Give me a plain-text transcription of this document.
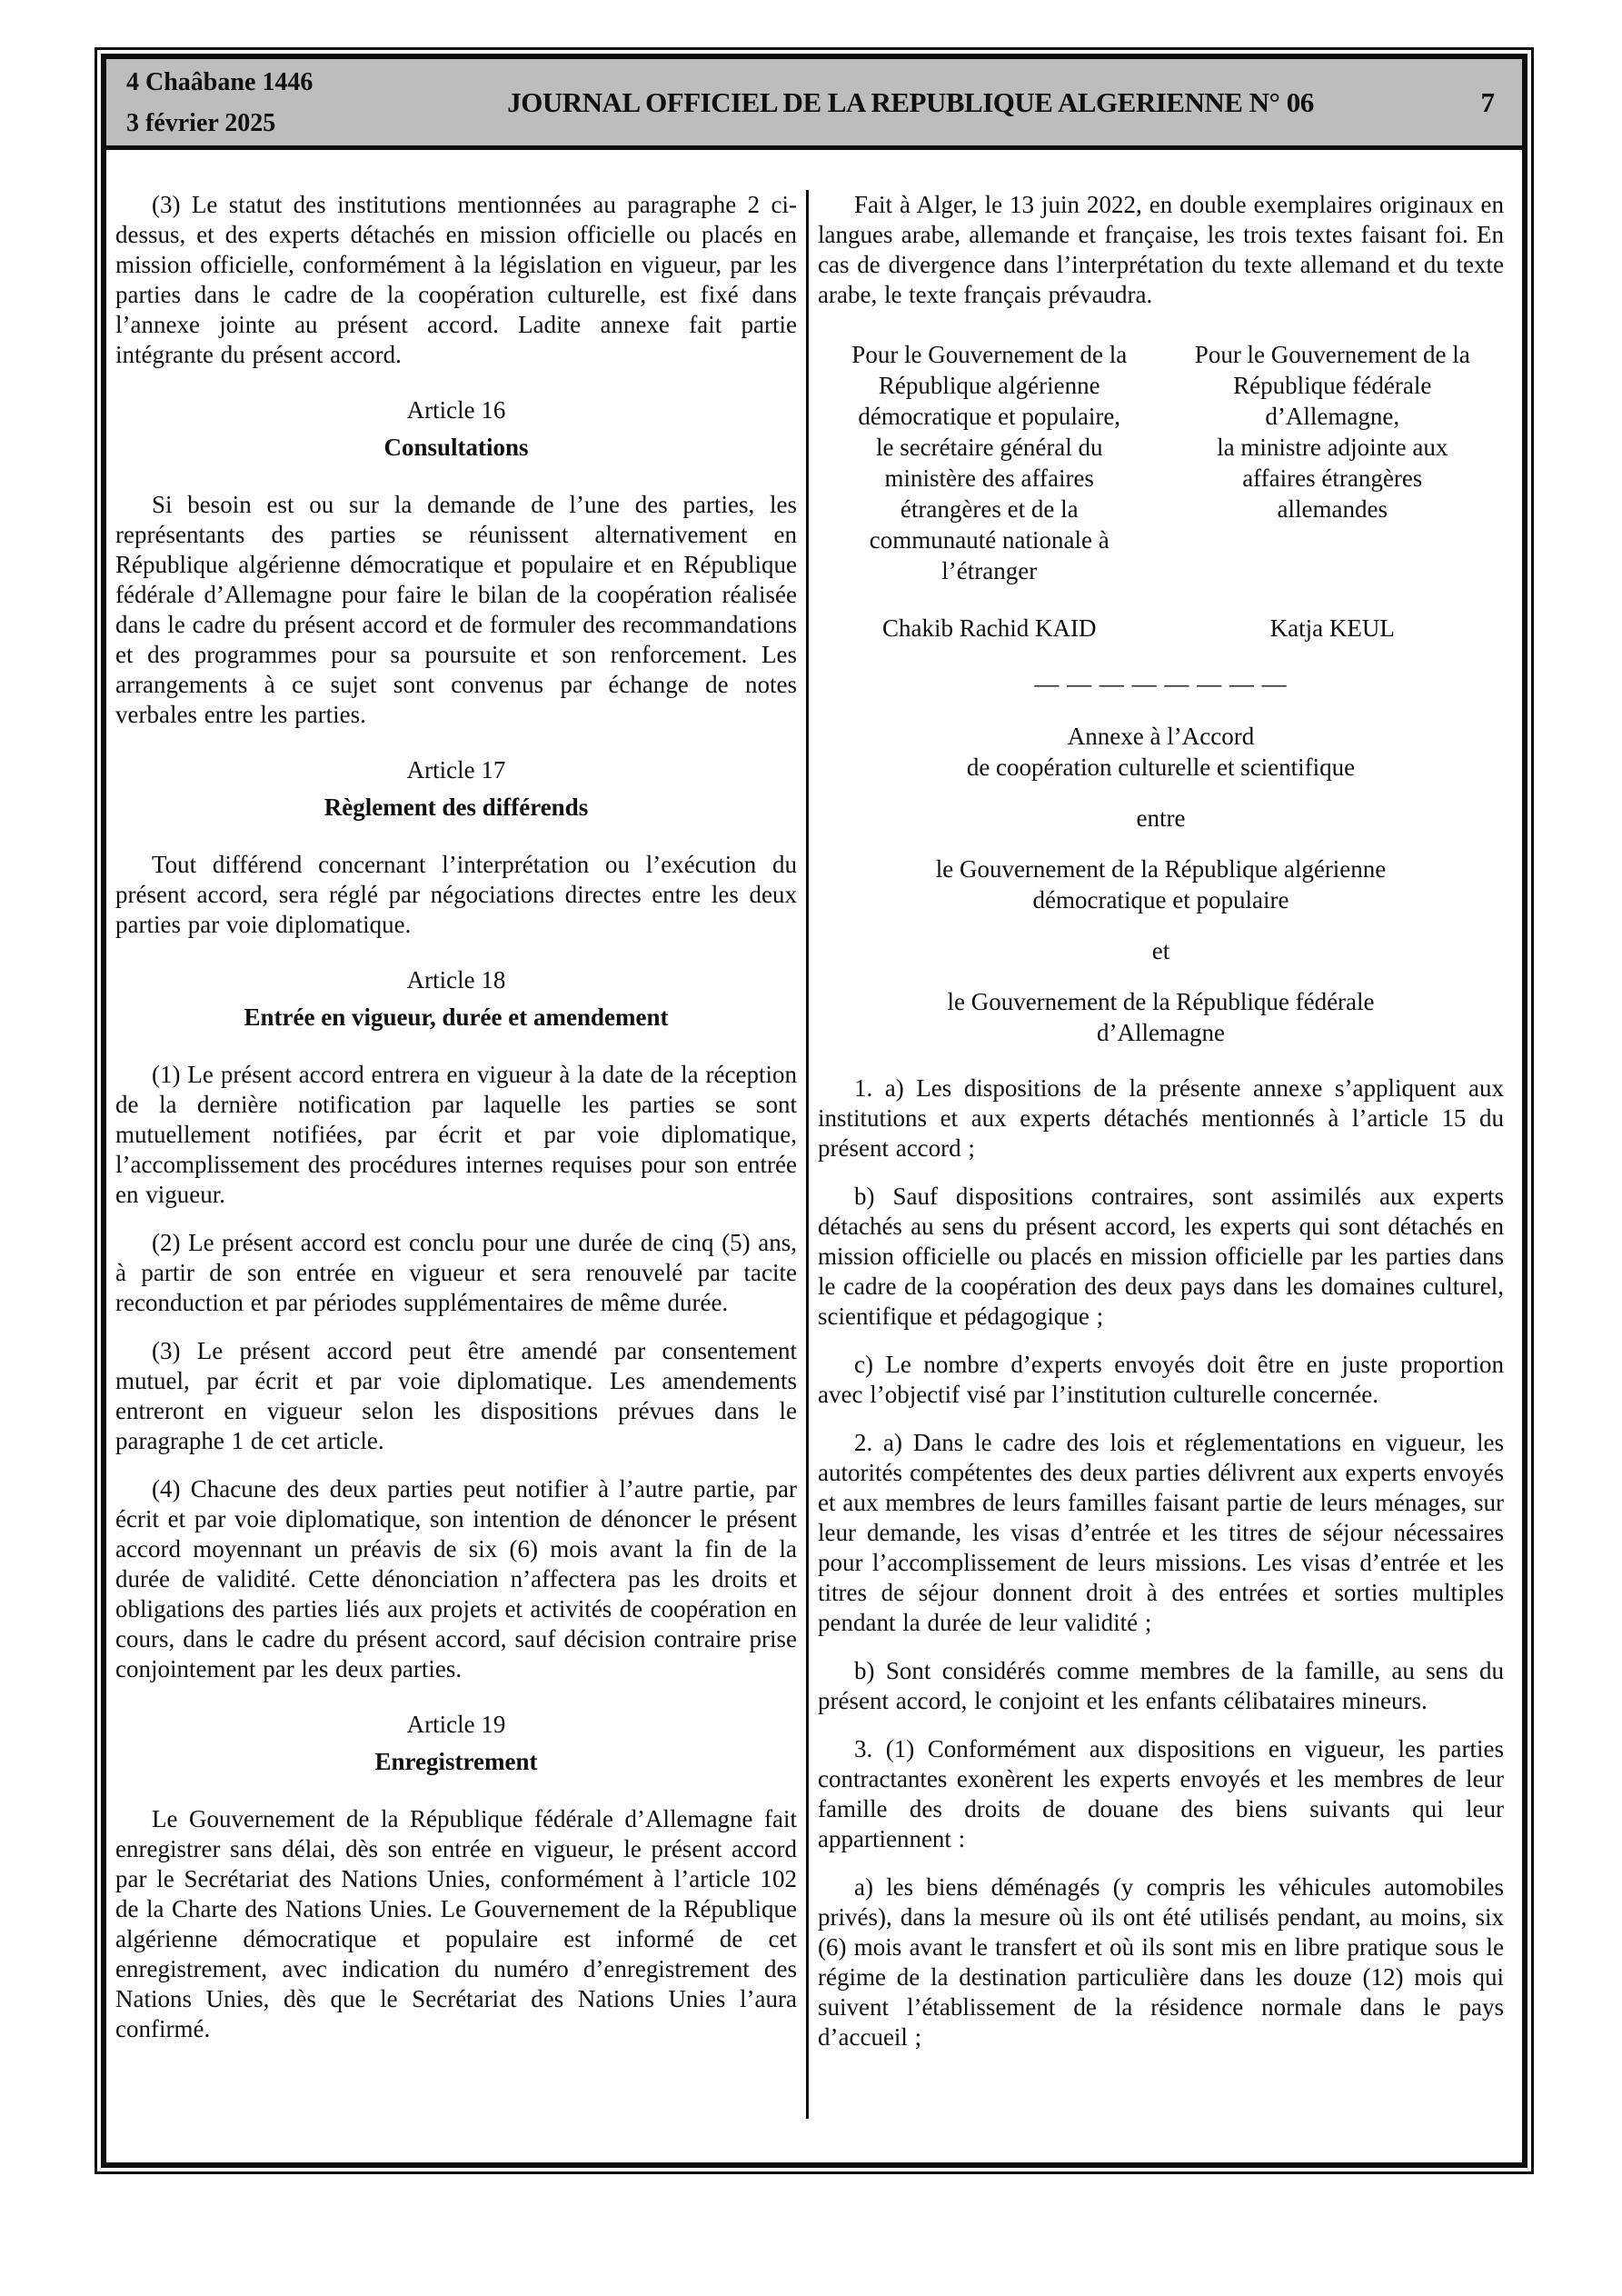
4 Chaâbane 1446
3 février 2025
JOURNAL OFFICIEL DE LA REPUBLIQUE ALGERIENNE N° 06	7

(3) Le statut des institutions mentionnées au paragraphe 2 ci-dessus, et des experts détachés en mission officielle ou placés en mission officielle, conformément à la législation en vigueur, par les parties dans le cadre de la coopération culturelle, est fixé dans l’annexe jointe au présent accord. Ladite annexe fait partie intégrante du présent accord.

Article 16
Consultations

Si besoin est ou sur la demande de l’une des parties, les représentants des parties se réunissent alternativement en République algérienne démocratique et populaire et en République fédérale d’Allemagne pour faire le bilan de la coopération réalisée dans le cadre du présent accord et de formuler des recommandations et des programmes pour sa poursuite et son renforcement. Les arrangements à ce sujet sont convenus par échange de notes verbales entre les parties.

Article 17
Règlement des différends

Tout différend concernant l’interprétation ou l’exécution du présent accord, sera réglé par négociations directes entre les deux parties par voie diplomatique.

Article 18
Entrée en vigueur, durée et amendement

(1) Le présent accord entrera en vigueur à la date de la réception de la dernière notification par laquelle les parties se sont mutuellement notifiées, par écrit et par voie diplomatique, l’accomplissement des procédures internes requises pour son entrée en vigueur.

(2) Le présent accord est conclu pour une durée de cinq (5) ans, à partir de son entrée en vigueur et sera renouvelé par tacite reconduction et par périodes supplémentaires de même durée.

(3) Le présent accord peut être amendé par consentement mutuel, par écrit et par voie diplomatique. Les amendements entreront en vigueur selon les dispositions prévues dans le paragraphe 1 de cet article.

(4) Chacune des deux parties peut notifier à l’autre partie, par écrit et par voie diplomatique, son intention de dénoncer le présent accord moyennant un préavis de six (6) mois avant la fin de la durée de validité. Cette dénonciation n’affectera pas les droits et obligations des parties liés aux projets et activités de coopération en cours, dans le cadre du présent accord, sauf décision contraire prise conjointement par les deux parties.

Article 19
Enregistrement

Le Gouvernement de la République fédérale d’Allemagne fait enregistrer sans délai, dès son entrée en vigueur, le présent accord par le Secrétariat des Nations Unies, conformément à l’article 102 de la Charte des Nations Unies. Le Gouvernement de la République algérienne démocratique et populaire est informé de cet enregistrement, avec indication du numéro d’enregistrement des Nations Unies, dès que le Secrétariat des Nations Unies l’aura confirmé.

Fait à Alger, le 13 juin 2022, en double exemplaires originaux en langues arabe, allemande et française, les trois textes faisant foi. En cas de divergence dans l’interprétation du texte allemand et du texte arabe, le texte français prévaudra.

Pour le Gouvernement de la
République algérienne
démocratique et populaire,
le secrétaire général du
ministère des affaires
étrangères et de la
communauté nationale à
l’étranger
Pour le Gouvernement de la
République fédérale
d’Allemagne,
la ministre adjointe aux
affaires étrangères
allemandes
Chakib Rachid KAID	Katja KEUL
— — — — — — — —
Annexe à l’Accord
de coopération culturelle et scientifique
entre
le Gouvernement de la République algérienne
démocratique et populaire
et
le Gouvernement de la République fédérale
d’Allemagne

1. a) Les dispositions de la présente annexe s’appliquent aux institutions et aux experts détachés mentionnés à l’article 15 du présent accord ;

b) Sauf dispositions contraires, sont assimilés aux experts détachés au sens du présent accord, les experts qui sont détachés en mission officielle ou placés en mission officielle par les parties dans le cadre de la coopération des deux pays dans les domaines culturel, scientifique et pédagogique ;

c) Le nombre d’experts envoyés doit être en juste proportion avec l’objectif visé par l’institution culturelle concernée.

2. a) Dans le cadre des lois et réglementations en vigueur, les autorités compétentes des deux parties délivrent aux experts envoyés et aux membres de leurs familles faisant partie de leurs ménages, sur leur demande, les visas d’entrée et les titres de séjour nécessaires pour l’accomplissement de leurs missions. Les visas d’entrée et les titres de séjour donnent droit à des entrées et sorties multiples pendant la durée de leur validité ;

b) Sont considérés comme membres de la famille, au sens du présent accord, le conjoint et les enfants célibataires mineurs.

3. (1) Conformément aux dispositions en vigueur, les parties contractantes exonèrent les experts envoyés et les membres de leur famille des droits de douane des biens suivants qui leur appartiennent :

a) les biens déménagés (y compris les véhicules automobiles privés), dans la mesure où ils ont été utilisés pendant, au moins, six (6) mois avant le transfert et où ils sont mis en libre pratique sous le régime de la destination particulière dans les douze (12) mois qui suivent l’établissement de la résidence normale dans le pays d’accueil ;
